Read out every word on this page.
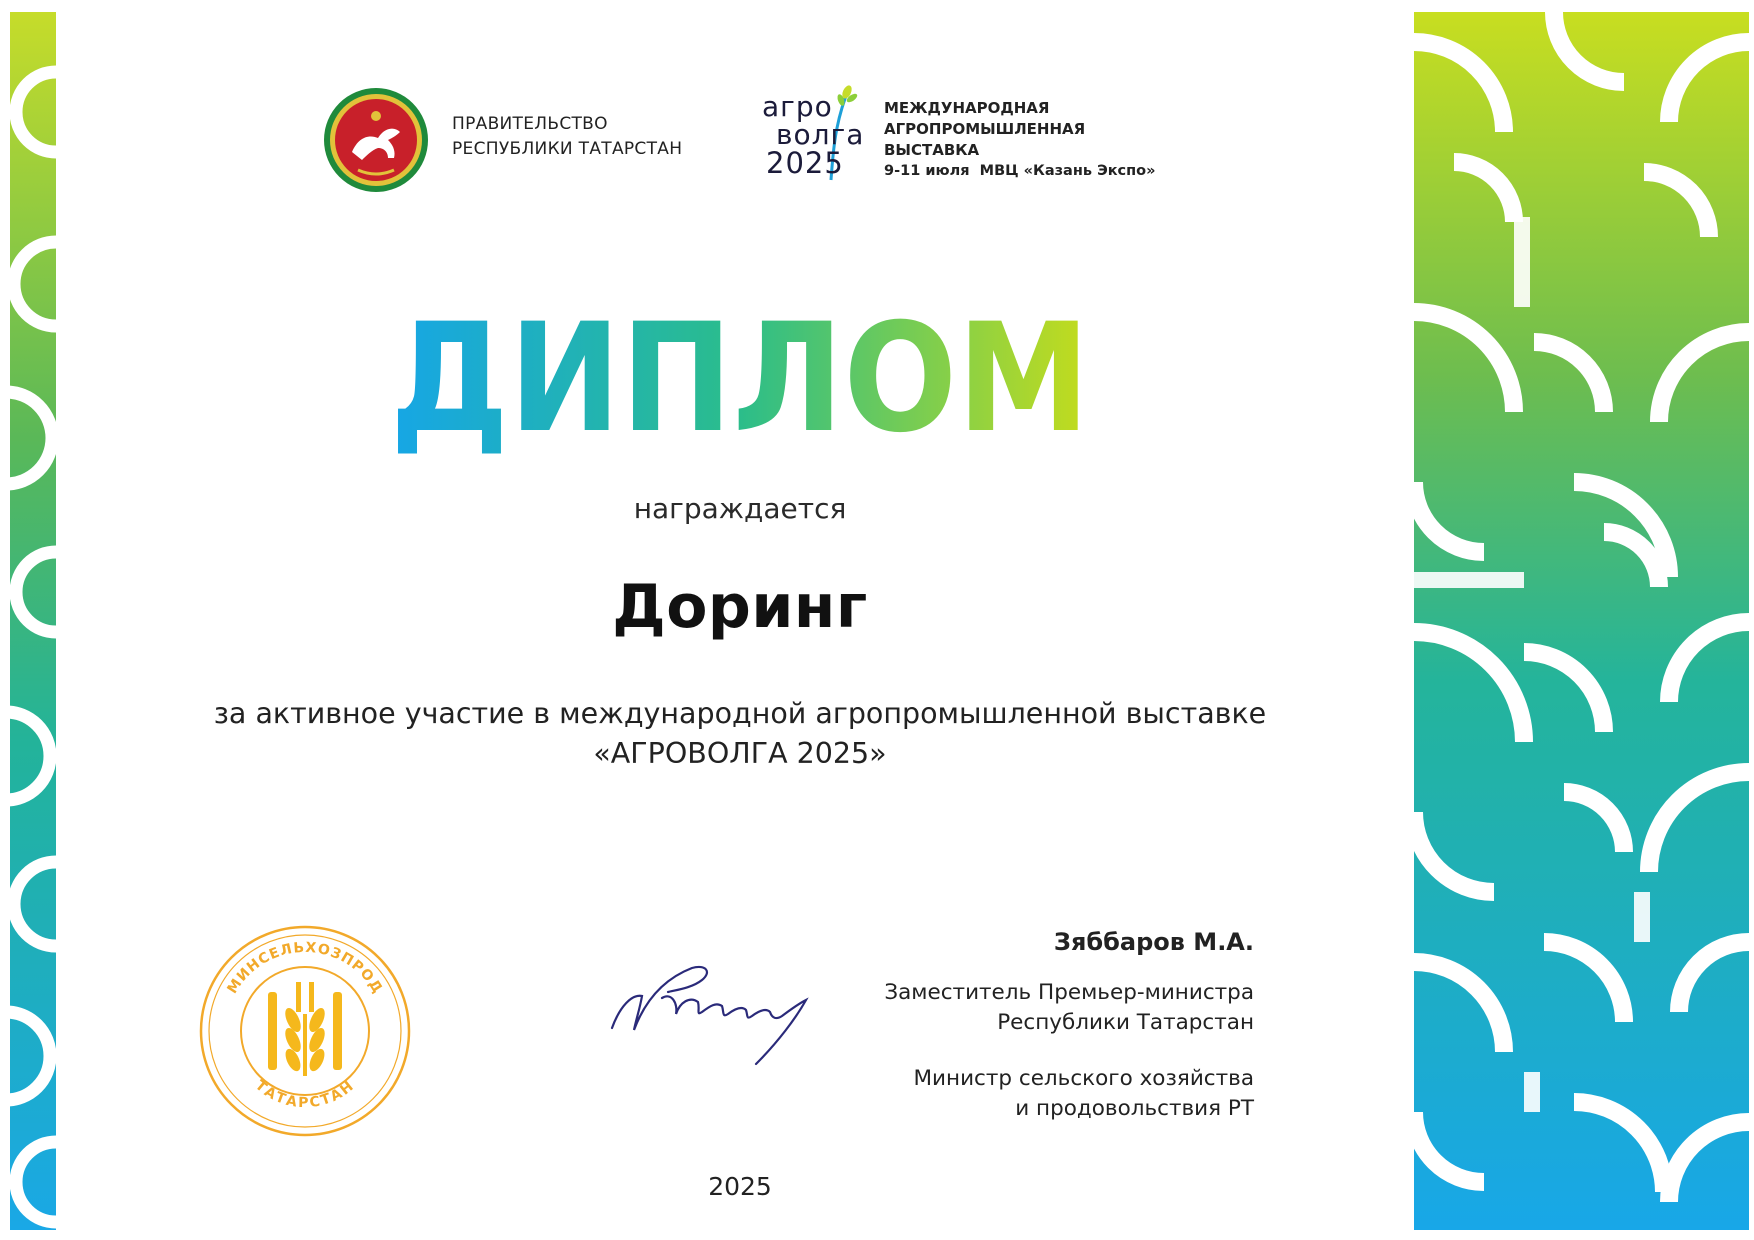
ПРАВИТЕЛЬСТВО
РЕСПУБЛИКИ ТАТАРСТАН
агро
волга
2025
МЕЖДУНАРОДНАЯ
АГРОПРОМЫШЛЕННАЯ
ВЫСТАВКА
9-11 июля МВЦ «Казань Экспо»
ДИПЛОМ
награждается
Доринг
за активное участие в международной агропромышленной выставке
«АГРОВОЛГА 2025»
МИНСЕЛЬХОЗПРОД
ТАТАРСТАН
Зяббаров М.А.
Заместитель Премьер-министра
Республики Татарстан
Министр сельского хозяйства
и продовольствия РТ
2025
